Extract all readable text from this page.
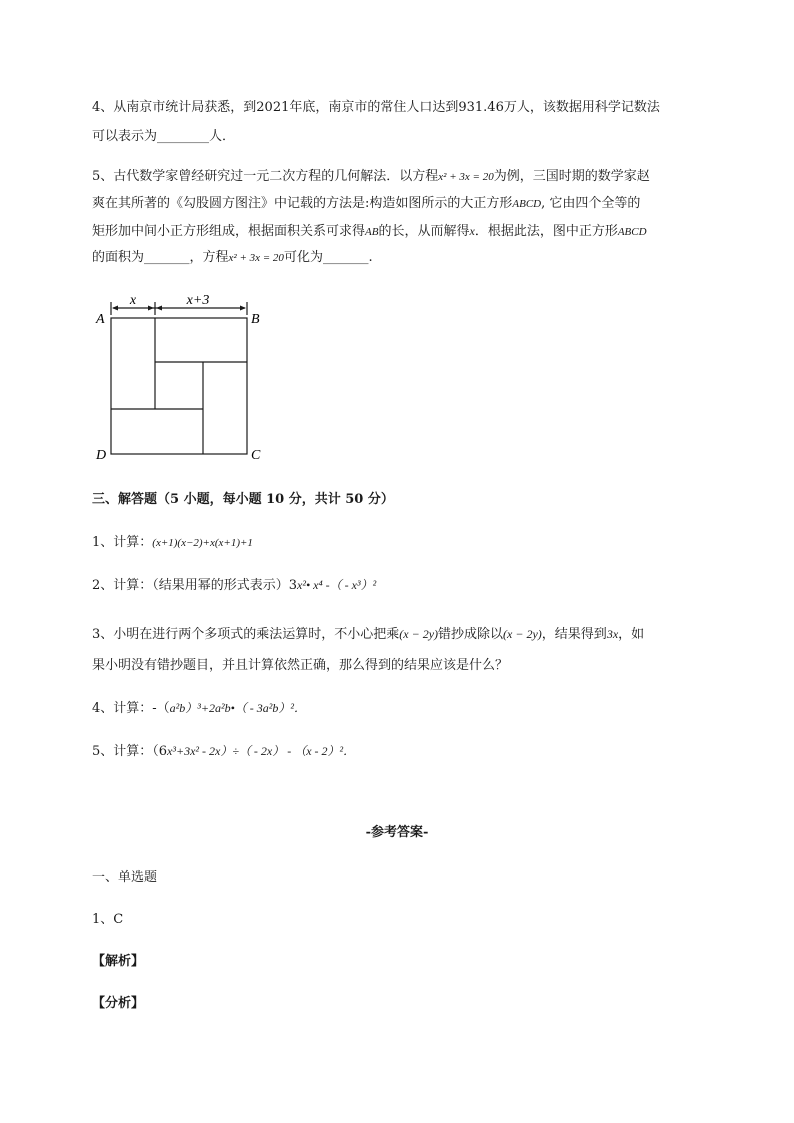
4、从南京市统计局获悉，到2021年底，南京市的常住人口达到931.46万人，该数据用科学记数法
可以表示为________人．
5、古代数学家曾经研究过一元二次方程的几何解法．以方程x² + 3x = 20为例，三国时期的数学家赵
爽在其所著的《勾股圆方图注》中记载的方法是:构造如图所示的大正方形ABCD, 它由四个全等的
矩形加中间小正方形组成，根据面积关系可求得AB的长，从而解得x．根据此法，图中正方形ABCD
的面积为_______，方程x² + 3x = 20可化为_______.
x	x+3
A	B
D	C
三、解答题（5 小题，每小题 10 分，共计 50 分）
1、计算：(x+1)(x−2)+x(x+1)+1
2、计算：（结果用幂的形式表示）3x²• x⁴ -（ - x³）²
3、小明在进行两个多项式的乘法运算时，不小心把乘(x − 2y)错抄成除以(x − 2y)，结果得到3x，如
果小明没有错抄题目，并且计算依然正确，那么得到的结果应该是什么？
4、计算：-（a²b）³+2a²b•（ - 3a²b）²．
5、计算：（6x³+3x² - 2x）÷（ - 2x） - （x - 2）²．
-参考答案-
一、单选题
1、C
【解析】
【分析】
